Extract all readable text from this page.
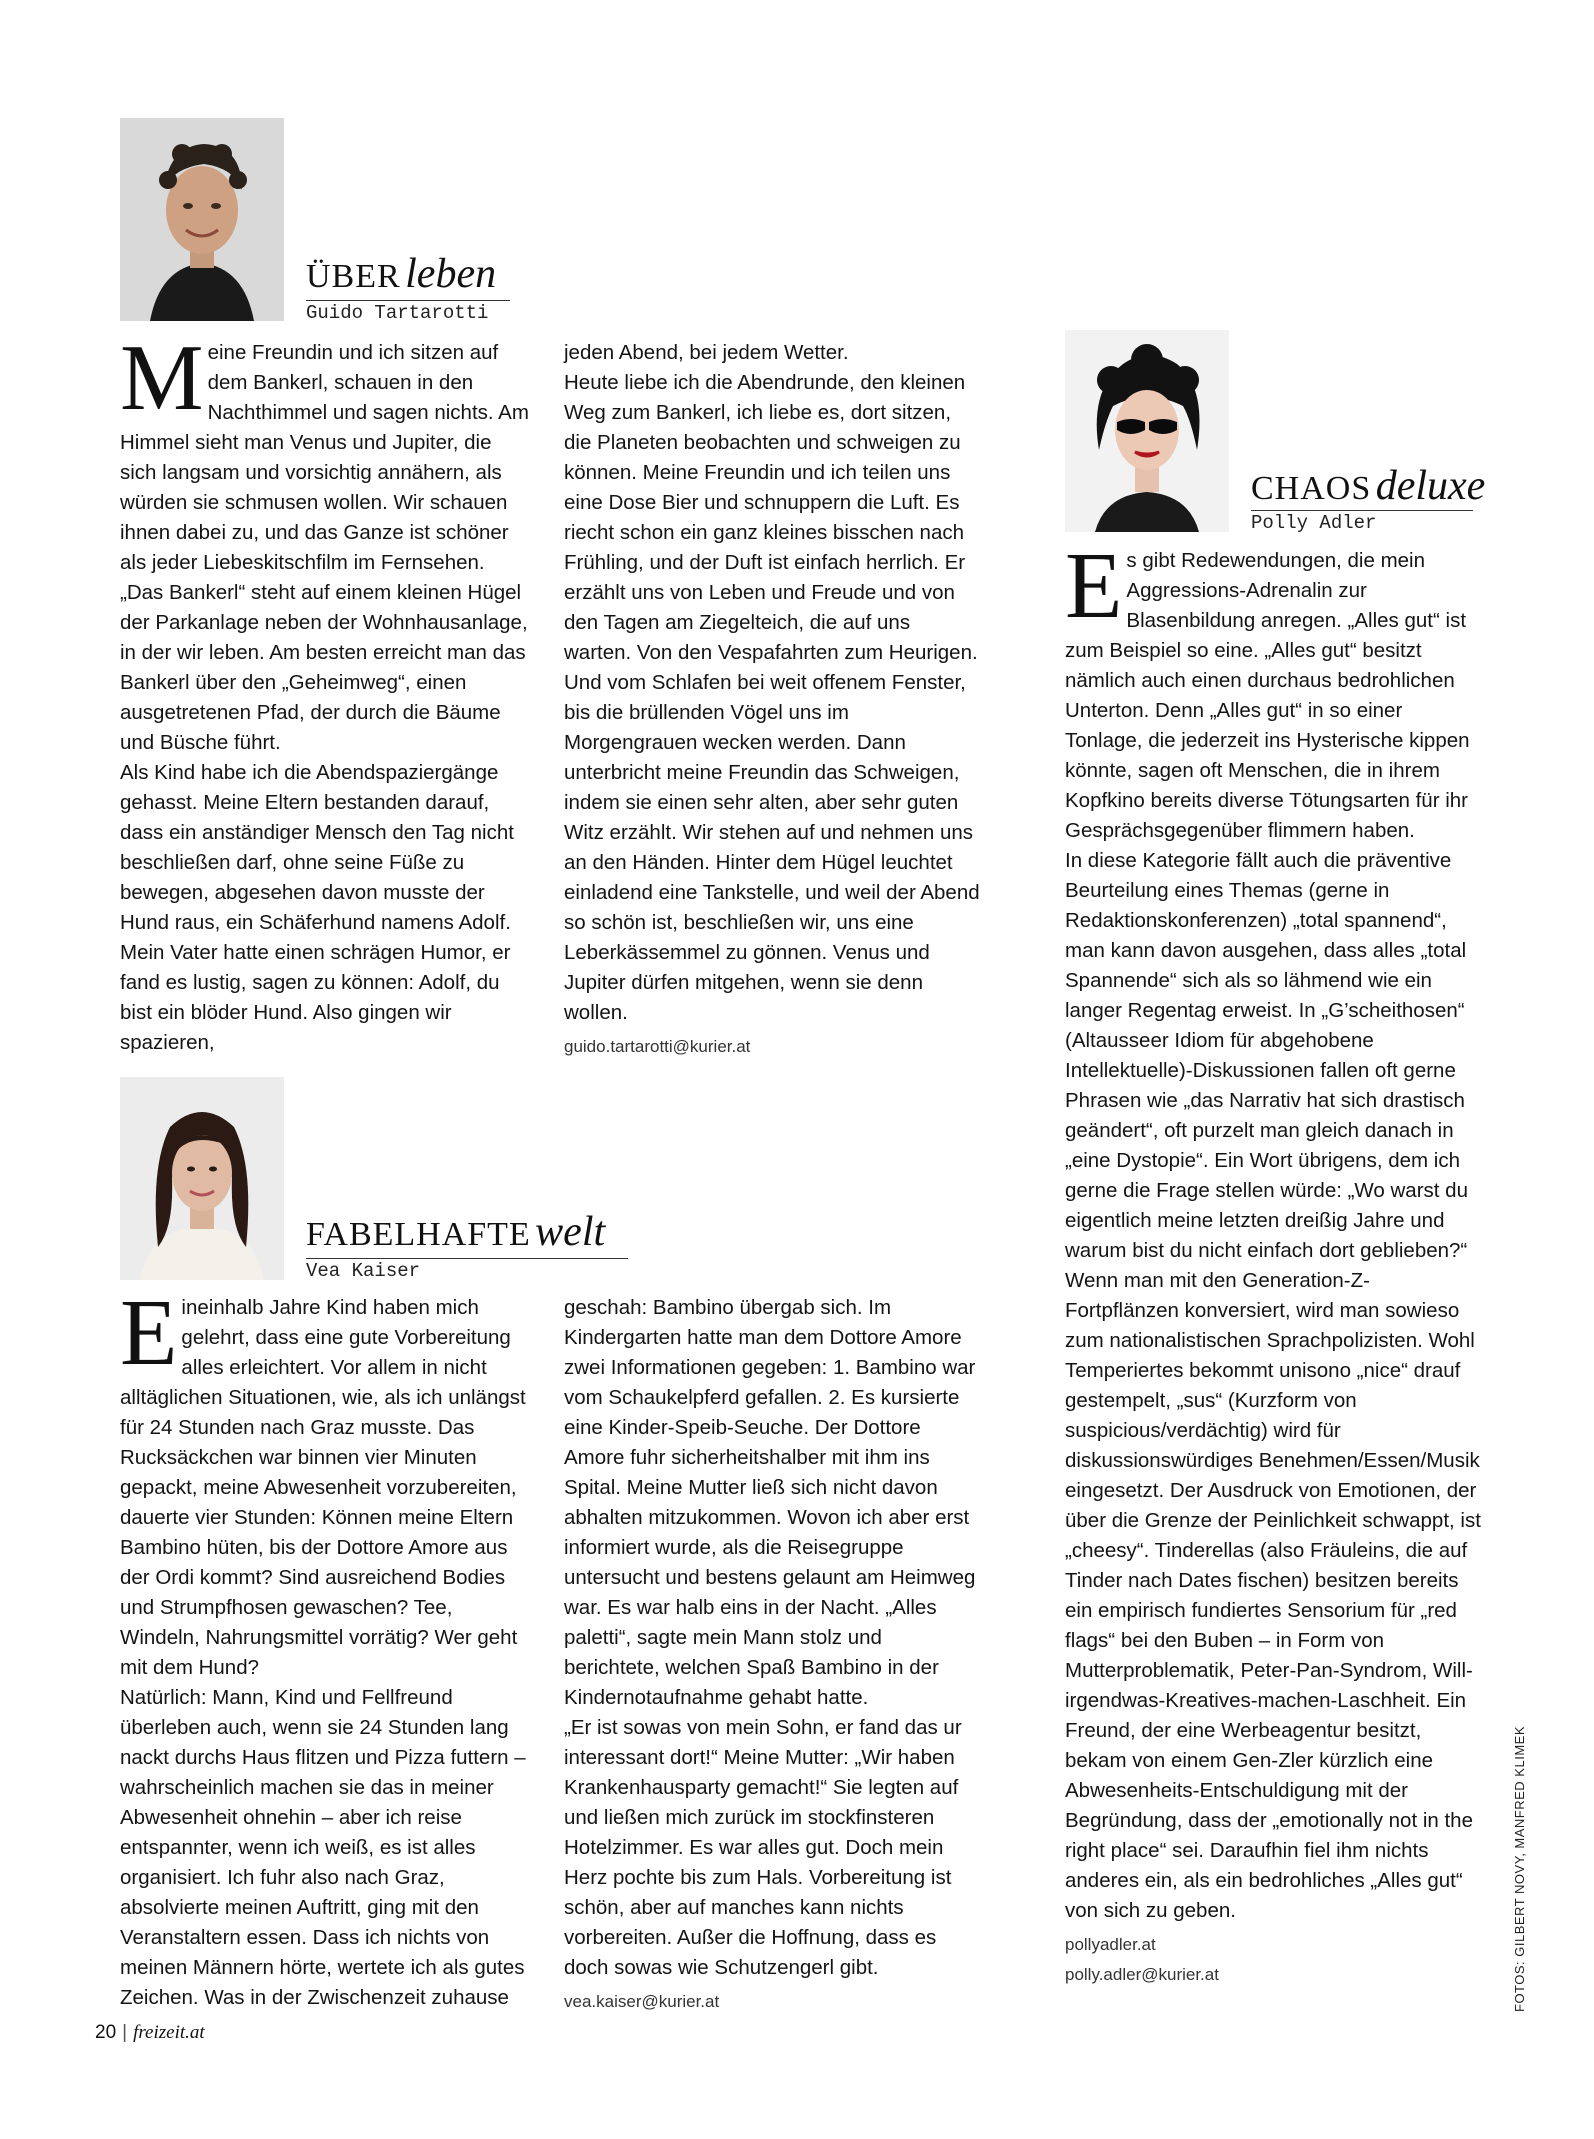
ÜBER leben
Guido Tartarotti

Meine Freundin und ich sitzen auf dem Bankerl, schauen in den Nachthimmel und sagen nichts. Am Himmel sieht man Venus und Jupiter, die sich langsam und vorsichtig annähern, als würden sie schmusen wollen. Wir schauen ihnen dabei zu, und das Ganze ist schöner als jeder Liebeskitschfilm im Fernsehen.

„Das Bankerl“ steht auf einem kleinen Hügel der Parkanlage neben der Wohnhausanlage, in der wir leben. Am besten erreicht man das Bankerl über den „Geheimweg“, einen ausgetretenen Pfad, der durch die Bäume und Büsche führt.

Als Kind habe ich die Abendspaziergänge gehasst. Meine Eltern bestanden darauf, dass ein anständiger Mensch den Tag nicht beschließen darf, ohne seine Füße zu bewegen, abgesehen davon musste der Hund raus, ein Schäferhund namens Adolf. Mein Vater hatte einen schrägen Humor, er fand es lustig, sagen zu können: Adolf, du bist ein blöder Hund. Also gingen wir spazieren,

jeden Abend, bei jedem Wetter.

Heute liebe ich die Abendrunde, den kleinen Weg zum Bankerl, ich liebe es, dort sitzen, die Planeten beobachten und schweigen zu können. Meine Freundin und ich teilen uns eine Dose Bier und schnuppern die Luft. Es riecht schon ein ganz kleines bisschen nach Frühling, und der Duft ist einfach herrlich. Er erzählt uns von Leben und Freude und von den Tagen am Ziegelteich, die auf uns warten. Von den Vespafahrten zum Heurigen. Und vom Schlafen bei weit offenem Fenster, bis die brüllenden Vögel uns im Morgengrauen wecken werden. Dann unterbricht meine Freundin das Schweigen, indem sie einen sehr alten, aber sehr guten Witz erzählt. Wir stehen auf und nehmen uns an den Händen. Hinter dem Hügel leuchtet einladend eine Tankstelle, und weil der Abend so schön ist, beschließen wir, uns eine Leberkässemmel zu gönnen. Venus und Jupiter dürfen mitgehen, wenn sie denn wollen.

guido.tartarotti@kurier.at

FABELHAFTE welt
Vea Kaiser

Eineinhalb Jahre Kind haben mich gelehrt, dass eine gute Vorbereitung alles erleichtert. Vor allem in nicht alltäglichen Situationen, wie, als ich unlängst für 24 Stunden nach Graz musste. Das Rucksäckchen war binnen vier Minuten gepackt, meine Abwesenheit vorzubereiten, dauerte vier Stunden: Können meine Eltern Bambino hüten, bis der Dottore Amore aus der Ordi kommt? Sind ausreichend Bodies und Strumpfhosen gewaschen? Tee, Windeln, Nahrungsmittel vorrätig? Wer geht mit dem Hund?

Natürlich: Mann, Kind und Fellfreund überleben auch, wenn sie 24 Stunden lang nackt durchs Haus flitzen und Pizza futtern – wahrscheinlich machen sie das in meiner Abwesenheit ohnehin – aber ich reise entspannter, wenn ich weiß, es ist alles organisiert. Ich fuhr also nach Graz, absolvierte meinen Auftritt, ging mit den Veranstaltern essen. Dass ich nichts von meinen Männern hörte, wertete ich als gutes Zeichen. Was in der Zwischenzeit zuhause

geschah: Bambino übergab sich. Im Kindergarten hatte man dem Dottore Amore zwei Informationen gegeben: 1. Bambino war vom Schaukelpferd gefallen. 2. Es kursierte eine Kinder-Speib-Seuche. Der Dottore Amore fuhr sicherheitshalber mit ihm ins Spital. Meine Mutter ließ sich nicht davon abhalten mitzukommen. Wovon ich aber erst informiert wurde, als die Reisegruppe untersucht und bestens gelaunt am Heimweg war. Es war halb eins in der Nacht. „Alles paletti“, sagte mein Mann stolz und berichtete, welchen Spaß Bambino in der Kindernotaufnahme gehabt hatte.

„Er ist sowas von mein Sohn, er fand das ur interessant dort!“ Meine Mutter: „Wir haben Krankenhausparty gemacht!“ Sie legten auf und ließen mich zurück im stockfinsteren Hotelzimmer. Es war alles gut. Doch mein Herz pochte bis zum Hals. Vorbereitung ist schön, aber auf manches kann nichts vorbereiten. Außer die Hoffnung, dass es doch sowas wie Schutzengerl gibt.

vea.kaiser@kurier.at

CHAOS deluxe
Polly Adler

Es gibt Redewendungen, die mein Aggressions-Adrenalin zur Blasenbildung anregen. „Alles gut“ ist zum Beispiel so eine. „Alles gut“ besitzt nämlich auch einen durchaus bedrohlichen Unterton. Denn „Alles gut“ in so einer Tonlage, die jederzeit ins Hysterische kippen könnte, sagen oft Menschen, die in ihrem Kopfkino bereits diverse Tötungsarten für ihr Gesprächsgegenüber flimmern haben.

In diese Kategorie fällt auch die präventive Beurteilung eines Themas (gerne in Redaktionskonferenzen) „total spannend“, man kann davon ausgehen, dass alles „total Spannende“ sich als so lähmend wie ein langer Regentag erweist. In „G’scheithosen“ (Altausseer Idiom für abgehobene Intellektuelle)-Diskussionen fallen oft gerne Phrasen wie „das Narrativ hat sich drastisch geändert“, oft purzelt man gleich danach in „eine Dystopie“. Ein Wort übrigens, dem ich gerne die Frage stellen würde: „Wo warst du eigentlich meine letzten dreißig Jahre und warum bist du nicht einfach dort geblieben?“

Wenn man mit den Generation-Z-Fortpflänzen konversiert, wird man sowieso zum nationalistischen Sprachpolizisten. Wohl Temperiertes bekommt unisono „nice“ drauf gestempelt, „sus“ (Kurzform von suspicious/verdächtig) wird für diskussionswürdiges Benehmen/Essen/Musik eingesetzt. Der Ausdruck von Emotionen, der über die Grenze der Peinlichkeit schwappt, ist „cheesy“. Tinderellas (also Fräuleins, die auf Tinder nach Dates fischen) besitzen bereits ein empirisch fundiertes Sensorium für „red flags“ bei den Buben – in Form von Mutterproblematik, Peter-Pan-Syndrom, Will-irgendwas-Kreatives-machen-Laschheit. Ein Freund, der eine Werbeagentur besitzt, bekam von einem Gen-Zler kürzlich eine Abwesenheits-Entschuldigung mit der Begründung, dass der „emotionally not in the right place“ sei. Daraufhin fiel ihm nichts anderes ein, als ein bedrohliches „Alles gut“ von sich zu geben.

pollyadler.at

polly.adler@kurier.at

20 | freizeit.at
FOTOS: GILBERT NOVY, MANFRED KLIMEK
